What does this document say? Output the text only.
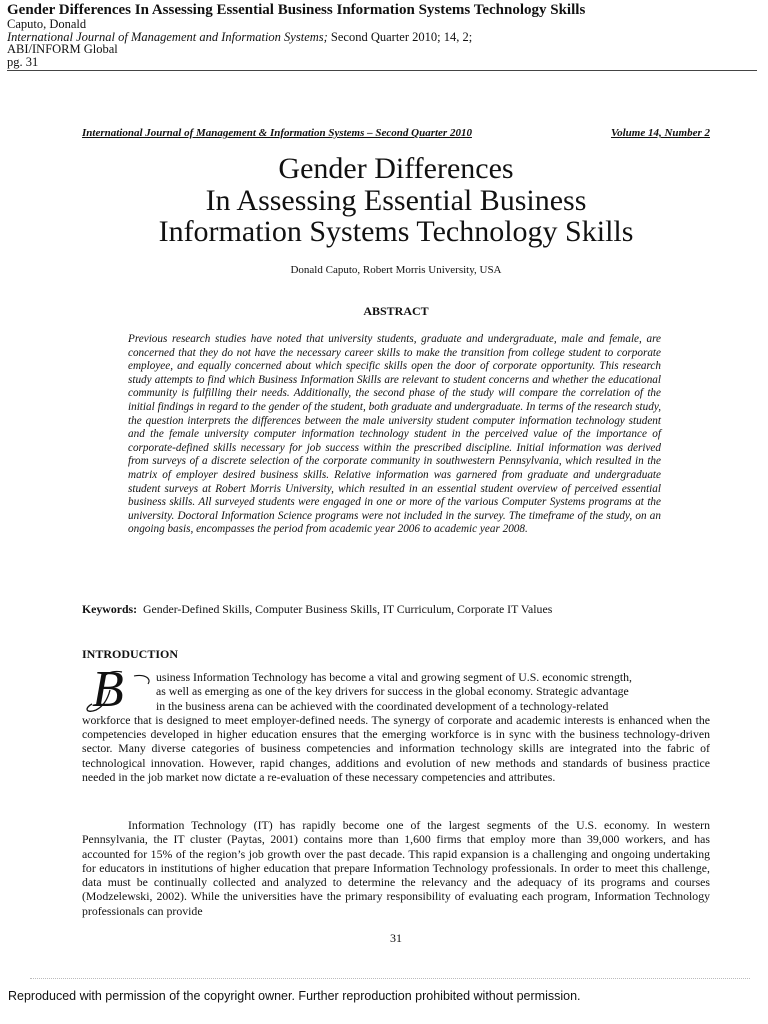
Gender Differences In Assessing Essential Business Information Systems Technology Skills
Caputo, Donald
International Journal of Management and Information Systems; Second Quarter 2010; 14, 2;
ABI/INFORM Global
pg. 31
International Journal of Management & Information Systems – Second Quarter 2010	Volume 14, Number 2
Gender Differences
In Assessing Essential Business
Information Systems Technology Skills
Donald Caputo, Robert Morris University, USA
ABSTRACT
Previous research studies have noted that university students, graduate and undergraduate, male and female, are concerned that they do not have the necessary career skills to make the transition from college student to corporate employee, and equally concerned about which specific skills open the door of corporate opportunity. This research study attempts to find which Business Information Skills are relevant to student concerns and whether the educational community is fulfilling their needs. Additionally, the second phase of the study will compare the correlation of the initial findings in regard to the gender of the student, both graduate and undergraduate. In terms of the research study, the question interprets the differences between the male university student computer information technology student and the female university computer information technology student in the perceived value of the importance of corporate-defined skills necessary for job success within the prescribed discipline. Initial information was derived from surveys of a discrete selection of the corporate community in southwestern Pennsylvania, which resulted in the matrix of employer desired business skills. Relative information was garnered from graduate and undergraduate student surveys at Robert Morris University, which resulted in an essential student overview of perceived essential business skills. All surveyed students were engaged in one or more of the various Computer Systems programs at the university. Doctoral Information Science programs were not included in the survey. The timeframe of the study, on an ongoing basis, encompasses the period from academic year 2006 to academic year 2008.
Keywords: Gender-Defined Skills, Computer Business Skills, IT Curriculum, Corporate IT Values
INTRODUCTION
B	usiness Information Technology has become a vital and growing segment of U.S. economic strength,
as well as emerging as one of the key drivers for success in the global economy. Strategic advantage
in the business arena can be achieved with the coordinated development of a technology-related
workforce that is designed to meet employer-defined needs. The synergy of corporate and academic interests is enhanced when the competencies developed in higher education ensures that the emerging workforce is in sync with the business technology-driven sector. Many diverse categories of business competencies and information technology skills are integrated into the fabric of technological innovation. However, rapid changes, additions and evolution of new methods and standards of business practice needed in the job market now dictate a re-evaluation of these necessary competencies and attributes.
Information Technology (IT) has rapidly become one of the largest segments of the U.S. economy. In western Pennsylvania, the IT cluster (Paytas, 2001) contains more than 1,600 firms that employ more than 39,000 workers, and has accounted for 15% of the region’s job growth over the past decade. This rapid expansion is a challenging and ongoing undertaking for educators in institutions of higher education that prepare Information Technology professionals. In order to meet this challenge, data must be continually collected and analyzed to determine the relevancy and the adequacy of its programs and courses (Modzelewski, 2002). While the universities have the primary responsibility of evaluating each program, Information Technology professionals can provide
31
Reproduced with permission of the copyright owner. Further reproduction prohibited without permission.
